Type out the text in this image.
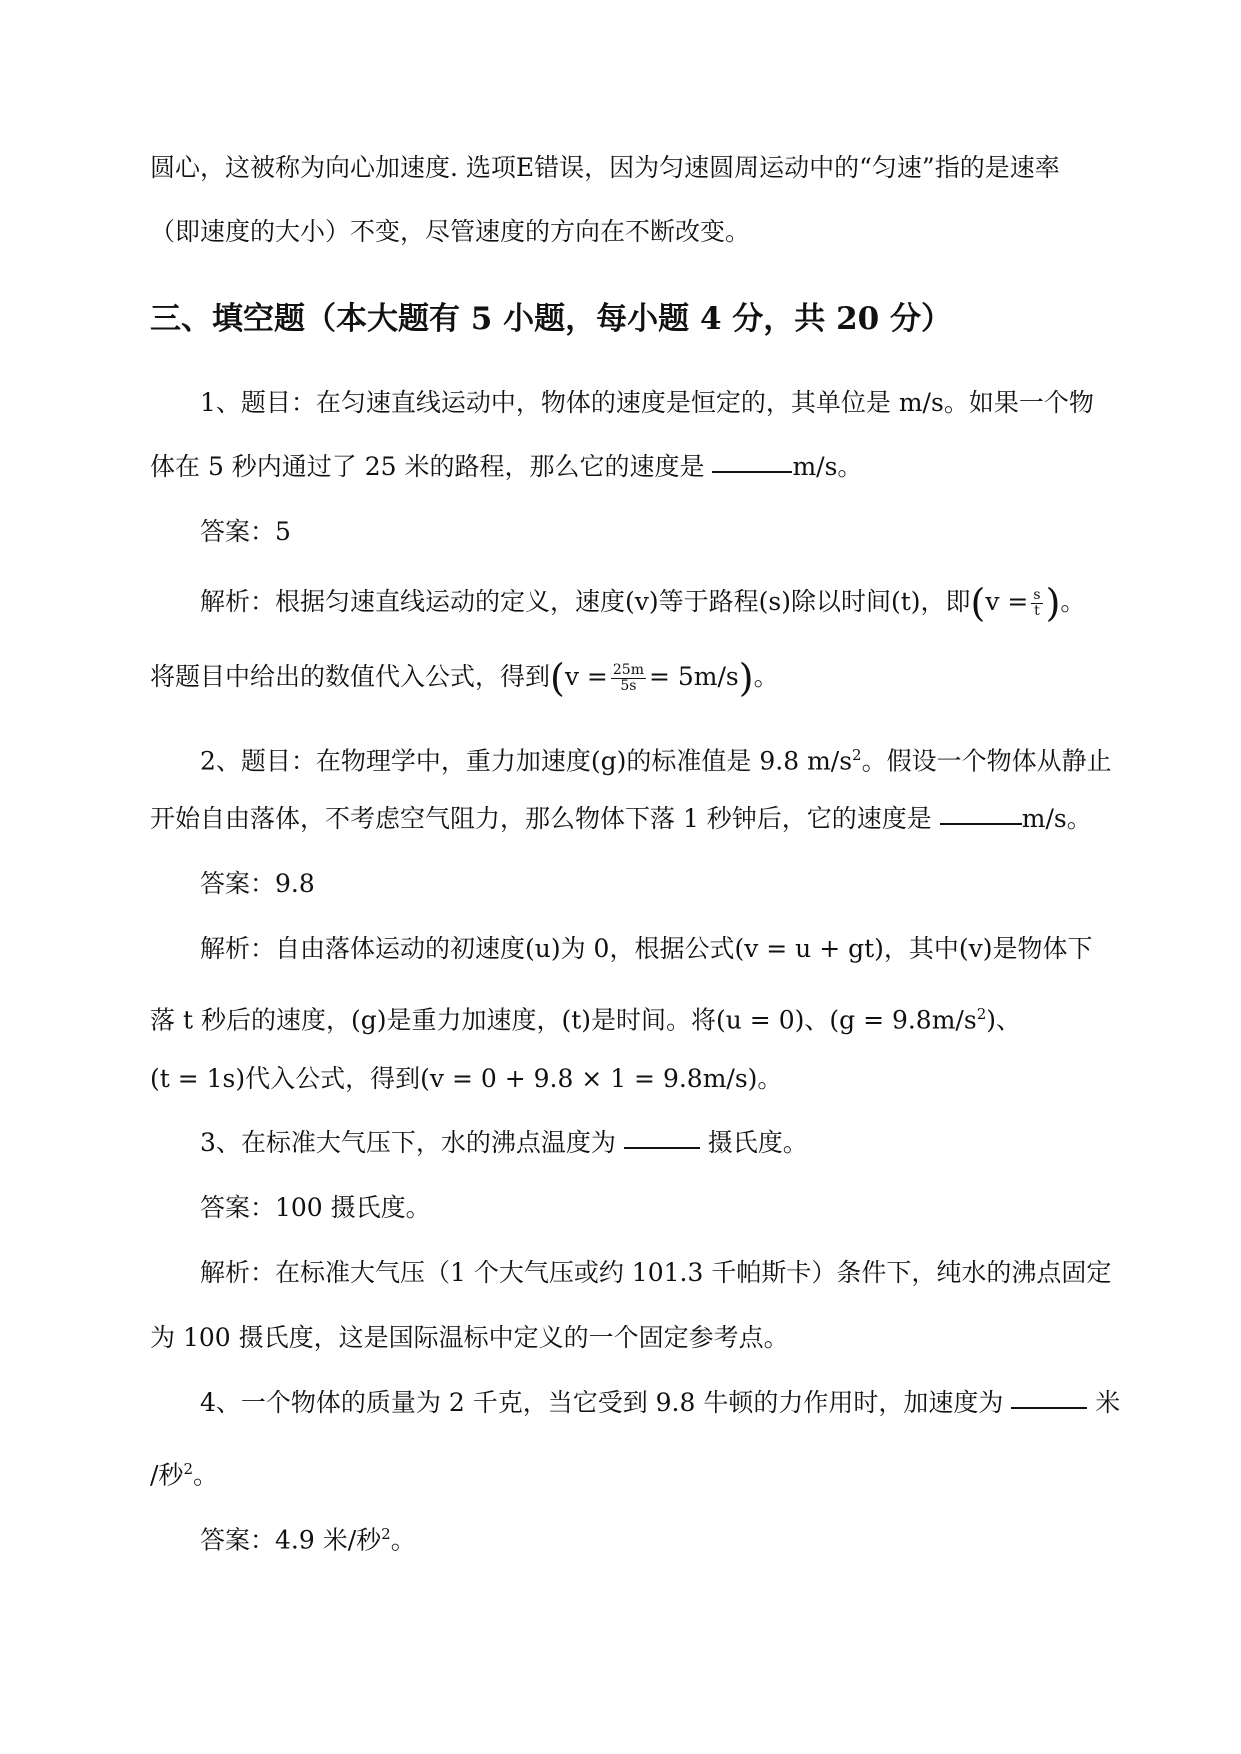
圆心，这被称为向心加速度. 选项E错误，因为匀速圆周运动中的“匀速”指的是速率
（即速度的大小）不变，尽管速度的方向在不断改变。
三、填空题（本大题有 5 小题，每小题 4 分，共 20 分）
1、题目：在匀速直线运动中，物体的速度是恒定的，其单位是 m/s。如果一个物
体在 5 秒内通过了 25 米的路程，那么它的速度是	m/s。
答案：5
解析：根据匀速直线运动的定义，速度(v)等于路程(s)除以时间(t)，即($v = \frac{s}{t}$ )。
将题目中给出的数值代入公式，得到$(v = \frac{25m}{5s} = 5m/s)$。
2、题目：在物理学中，重力加速度(g)的标准值是 9.8 $m/s^2$。假设一个物体从静止
开始自由落体，不考虑空气阻力，那么物体下落 1 秒钟后，它的速度是	m/s。
答案：9.8
解析：自由落体运动的初速度(u)为 0，根据公式(v = u + gt)，其中(v)是物体下
落 t 秒后的速度，(g)是重力加速度，(t)是时间。将(u = 0)、$(g = 9.8m/s^2)$、
(t = 1s)代入公式，得到(v = 0 + 9.8 × 1 = 9.8m/s)。
3、在标准大气压下，水的沸点温度为	摄氏度。
答案：100 摄氏度。
解析：在标准大气压（1 个大气压或约 101.3 千帕斯卡）条件下，纯水的沸点固定
为 100 摄氏度，这是国际温标中定义的一个固定参考点。
4、一个物体的质量为 2 千克，当它受到 9.8 牛顿的力作用时，加速度为	米
/秒$^2$。
答案：4.9 米/秒$^2$。
